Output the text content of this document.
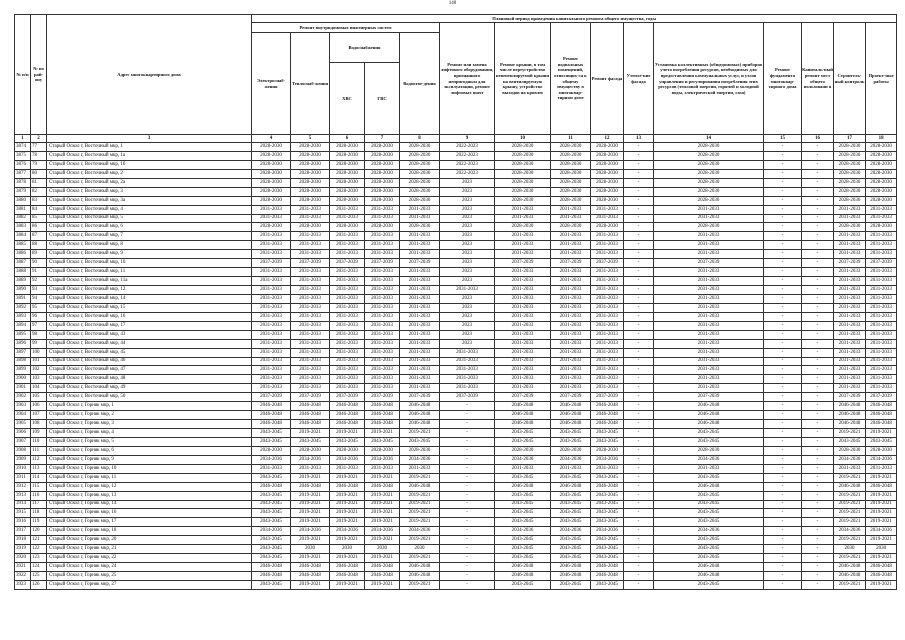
140
№ п/п	№ по рай-ону	Адрес многоквартирного дома	Плановый период проведения капитального ремонта общего имущества, годы														
			Ремонт внутридомовых инженерных систем					Ремонт или замена лифтового оборудования, признанного непригодным для эксплуатации, ремонт лифтовых шахт	Ремонт крыши, в том числе переустройство невентилируемой крыши на вентилируемую крышу, устройство выходов на кровлю	Ремонт подвальных помещений, относящих-ся к общему имуществу в многоквар-тирном доме	Ремонт фасада	Утепле-ние фасада	Установка коллективных (общедомовых) приборов учета потребления ресурсов, необходимых для предоставления коммунальных услуг, и узлов управления и регулирования потребления этих ресурсов (тепловой энергии, горячей и холодной воды, электрической энергии, газа)	Ремонт фундамента многоквар-тирного дома	Капиталь-ный ремонт мест общего пользовани я	Строитель-ный контроль	Проект-ные работы
			Электроснаб-жения	Теплоснаб-жения	Водоснабжения		Водоотве-дения										
					ХВС	ГВС											
1	2	3	4	5	6	7	8	9	10	11	12	13	14	15	16	17	18
3874	77	Старый Оскол г, Восточный мкр, 1	2028-2030	2028-2030	2028-2030	2028-2030	2028-2030	2022-2023	2028-2030	2028-2030	2028-2030	-	2028-2030	-	-	2028-2030	2028-2030
3875	78	Старый Оскол г, Восточный мкр, 1а	2028-2030	2028-2030	2028-2030	2028-2030	2028-2030	2022-2023	2028-2030	2028-2030	2028-2030	-	2028-2030	-	-	2028-2030	2028-2030
3876	79	Старый Оскол г, Восточный мкр, 1б	2028-2030	2028-2030	2028-2030	2028-2030	2028-2030	2022-2023	2028-2030	2028-2030	2028-2030	-	2028-2030	-	-	2028-2030	2028-2030
3877	80	Старый Оскол г, Восточный мкр, 2	2028-2030	2028-2030	2028-2030	2028-2030	2028-2030	2022-2023	2028-2030	2028-2030	2028-2030	-	2028-2030	-	-	2028-2030	2028-2030
3878	81	Старый Оскол г, Восточный мкр, 2а	2028-2030	2028-2030	2028-2030	2028-2030	2028-2030	2023	2028-2030	2028-2030	2028-2030	-	2028-2030	-	-	2028-2030	2028-2030
3879	82	Старый Оскол г, Восточный мкр, 3	2028-2030	2028-2030	2028-2030	2028-2030	2028-2030	2023	2028-2030	2028-2030	2028-2030	-	2028-2030	-	-	2028-2030	2028-2030
3880	83	Старый Оскол г, Восточный мкр, 3а	2028-2030	2028-2030	2028-2030	2028-2030	2028-2030	2023	2028-2030	2028-2030	2028-2030	-	2028-2030	-	-	2028-2030	2028-2030
3881	84	Старый Оскол г, Восточный мкр, 4	2031-2033	2031-2033	2031-2033	2031-2033	2031-2033	2023	2031-2033	2031-2033	2031-2033	-	2031-2033	-	-	2031-2033	2031-2033
3882	85	Старый Оскол г, Восточный мкр, 5	2031-2033	2031-2033	2031-2033	2031-2033	2031-2033	2023	2031-2033	2031-2033	2031-2033	-	2031-2033	-	-	2031-2033	2031-2033
3883	86	Старый Оскол г, Восточный мкр, 6	2028-2030	2028-2030	2028-2030	2028-2030	2028-2030	2023	2028-2030	2028-2030	2028-2030	-	2028-2030	-	-	2028-2030	2028-2030
3884	87	Старый Оскол г, Восточный мкр, 7	2031-2033	2031-2033	2031-2033	2031-2033	2031-2033	2023	2031-2033	2031-2033	2031-2033	-	2031-2033	-	-	2031-2033	2031-2033
3885	88	Старый Оскол г, Восточный мкр, 8	2031-2033	2031-2033	2031-2033	2031-2033	2031-2033	2023	2031-2033	2031-2033	2031-2033	-	2031-2033	-	-	2031-2033	2031-2033
3886	89	Старый Оскол г, Восточный мкр, 9	2031-2033	2031-2033	2031-2033	2031-2033	2031-2033	2023	2031-2033	2031-2033	2031-2033	-	2031-2033	-	-	2031-2033	2031-2033
3887	90	Старый Оскол г, Восточный мкр, 10	2037-2039	2037-2039	2037-2039	2037-2039	2037-2039	2023	2037-2039	2037-2039	2037-2039	-	2037-2039	-	-	2037-2039	2037-2039
3888	91	Старый Оскол г, Восточный мкр, 11	2031-2033	2031-2033	2031-2033	2031-2033	2031-2033	2023	2031-2033	2031-2033	2031-2033	-	2031-2033	-	-	2031-2033	2031-2033
3889	92	Старый Оскол г, Восточный мкр, 11а	2031-2033	2031-2033	2031-2033	2031-2033	2031-2033	2023	2031-2033	2031-2033	2031-2033	-	2031-2033	-	-	2031-2033	2031-2033
3890	93	Старый Оскол г, Восточный мкр, 12	2031-2033	2031-2033	2031-2033	2031-2033	2031-2033	2031-2033	2031-2033	2031-2033	2031-2033	-	2031-2033	-	-	2031-2033	2031-2033
3891	94	Старый Оскол г, Восточный мкр, 14	2031-2033	2031-2033	2031-2033	2031-2033	2031-2033	2023	2031-2033	2031-2033	2031-2033	-	2031-2033	-	-	2031-2033	2031-2033
3892	95	Старый Оскол г, Восточный мкр, 15	2031-2033	2031-2033	2031-2033	2031-2033	2031-2033	2023	2031-2033	2031-2033	2031-2033	-	2031-2033	-	-	2031-2033	2031-2033
3893	96	Старый Оскол г, Восточный мкр, 16	2031-2033	2031-2033	2031-2033	2031-2033	2031-2033	2023	2031-2033	2031-2033	2031-2033	-	2031-2033	-	-	2031-2033	2031-2033
3894	97	Старый Оскол г, Восточный мкр, 17	2031-2033	2031-2033	2031-2033	2031-2033	2031-2033	2023	2031-2033	2031-2033	2031-2033	-	2031-2033	-	-	2031-2033	2031-2033
3895	98	Старый Оскол г, Восточный мкр, 43	2031-2033	2031-2033	2031-2033	2031-2033	2031-2033	2023	2031-2033	2031-2033	2031-2033	-	2031-2033	-	-	2031-2033	2031-2033
3896	99	Старый Оскол г, Восточный мкр, 44	2031-2033	2031-2033	2031-2033	2031-2033	2031-2033	2023	2031-2033	2031-2033	2031-2033	-	2031-2033	-	-	2031-2033	2031-2033
3897	100	Старый Оскол г, Восточный мкр, 45	2031-2033	2031-2033	2031-2033	2031-2033	2031-2033	2031-2033	2031-2033	2031-2033	2031-2033	-	2031-2033	-	-	2031-2033	2031-2033
3898	101	Старый Оскол г, Восточный мкр, 46	2031-2033	2031-2033	2031-2033	2031-2033	2031-2033	2031-2033	2031-2033	2031-2033	2031-2033	-	2031-2033	-	-	2031-2033	2031-2033
3899	102	Старый Оскол г, Восточный мкр, 47	2031-2033	2031-2033	2031-2033	2031-2033	2031-2033	2031-2033	2031-2033	2031-2033	2031-2033	-	2031-2033	-	-	2031-2033	2031-2033
3900	103	Старый Оскол г, Восточный мкр, 48	2031-2033	2031-2033	2031-2033	2031-2033	2031-2033	2031-2033	2031-2033	2031-2033	2031-2033	-	2031-2033	-	-	2031-2033	2031-2033
3901	104	Старый Оскол г, Восточный мкр, 49	2031-2033	2031-2033	2031-2033	2031-2033	2031-2033	2031-2033	2031-2033	2031-2033	2031-2033	-	2031-2033	-	-	2031-2033	2031-2033
3902	105	Старый Оскол г, Восточный мкр, 50	2037-2039	2037-2039	2037-2039	2037-2039	2037-2039	2037-2039	2037-2039	2037-2039	2037-2039	-	2037-2039	-	-	2037-2039	2037-2039
3903	106	Старый Оскол г, Горняк мкр, 1	2046-2048	2046-2048	2046-2048	2046-2048	2046-2048	-	2046-2048	2046-2048	2046-2048	-	2046-2048	-	-	2046-2048	2046-2048
3904	107	Старый Оскол г, Горняк мкр, 2	2046-2048	2046-2048	2046-2048	2046-2048	2046-2048	-	2046-2048	2046-2048	2046-2048	-	2046-2048	-	-	2046-2048	2046-2048
3905	108	Старый Оскол г, Горняк мкр, 3	2046-2048	2046-2048	2046-2048	2046-2048	2046-2048	-	2046-2048	2046-2048	2046-2048	-	2046-2048	-	-	2046-2048	2046-2048
3906	109	Старый Оскол г, Горняк мкр, 4	2043-2045	2019-2021	2019-2021	2019-2021	2019-2021	-	2043-2045	2043-2045	2043-2045	-	2043-2045	-	-	2019-2021	2019-2021
3907	110	Старый Оскол г, Горняк мкр, 5	2043-2045	2043-2045	2043-2045	2043-2045	2043-2045	-	2043-2045	2043-2045	2043-2045	-	2043-2045	-	-	2043-2045	2043-2045
3908	111	Старый Оскол г, Горняк мкр, 6	2028-2030	2028-2030	2028-2030	2028-2030	2028-2030	-	2028-2030	2028-2030	2028-2030	-	2028-2030	-	-	2028-2030	2028-2030
3909	112	Старый Оскол г, Горняк мкр, 9	2034-2036	2034-2036	2034-2036	2034-2036	2034-2036	-	2034-2036	2034-2036	2034-2036	-	2034-2036	-	-	2034-2036	2034-2036
3910	113	Старый Оскол г, Горняк мкр, 10	2031-2033	2031-2033	2031-2033	2031-2033	2031-2033	-	2031-2033	2031-2033	2031-2033	-	2031-2033	-	-	2031-2033	2031-2033
3911	114	Старый Оскол г, Горняк мкр, 11	2043-2045	2019-2021	2019-2021	2019-2021	2019-2021	-	2043-2045	2043-2045	2043-2045	-	2043-2045	-	-	2019-2021	2019-2021
3912	115	Старый Оскол г, Горняк мкр, 12	2046-2048	2046-2048	2046-2048	2046-2048	2046-2048	-	2046-2048	2046-2048	2046-2048	-	2046-2048	-	-	2046-2048	2046-2048
3913	116	Старый Оскол г, Горняк мкр, 13	2043-2045	2019-2021	2019-2021	2019-2021	2019-2021	-	2043-2045	2043-2045	2043-2045	-	2043-2045	-	-	2019-2021	2019-2021
3914	117	Старый Оскол г, Горняк мкр, 14	2043-2045	2019-2021	2019-2021	2019-2021	2019-2021	-	2043-2045	2043-2045	2043-2045	-	2043-2045	-	-	2019-2021	2019-2021
3915	118	Старый Оскол г, Горняк мкр, 16	2043-2045	2019-2021	2019-2021	2019-2021	2019-2021	-	2043-2045	2043-2045	2043-2045	-	2043-2045	-	-	2019-2021	2019-2021
3916	119	Старый Оскол г, Горняк мкр, 17	2043-2045	2019-2021	2019-2021	2019-2021	2019-2021	-	2043-2045	2043-2045	2043-2045	-	2043-2045	-	-	2019-2021	2019-2021
3917	120	Старый Оскол г, Горняк мкр, 18	2034-2036	2034-2036	2034-2036	2034-2036	2034-2036	-	2034-2036	2034-2036	2034-2036	-	2034-2036	-	-	2034-2036	2034-2036
3918	121	Старый Оскол г, Горняк мкр, 20	2043-2045	2019-2021	2019-2021	2019-2021	2019-2021	-	2043-2045	2043-2045	2043-2045	-	2043-2045	-	-	2019-2021	2019-2021
3919	122	Старый Оскол г, Горняк мкр, 21	2043-2045	2030	2030	2030	2030	-	2043-2045	2043-2045	2043-2045	-	2043-2045	-	-	2030	2030
3920	123	Старый Оскол г, Горняк мкр, 22	2043-2045	2019-2021	2019-2021	2019-2021	2019-2021	-	2043-2045	2043-2045	2043-2045	-	2043-2045	-	-	2019-2021	2019-2021
3921	124	Старый Оскол г, Горняк мкр, 24	2046-2048	2046-2048	2046-2048	2046-2048	2046-2048	-	2046-2048	2046-2048	2046-2048	-	2046-2048	-	-	2046-2048	2046-2048
3922	125	Старый Оскол г, Горняк мкр, 25	2046-2048	2046-2048	2046-2048	2046-2048	2046-2048	-	2046-2048	2046-2048	2046-2048	-	2046-2048	-	-	2046-2048	2046-2048
3923	126	Старый Оскол г, Горняк мкр, 27	2043-2045	2019-2021	2019-2021	2019-2021	2019-2021	-	2043-2045	2043-2045	2043-2045	-	2043-2045	-	-	2019-2021	2019-2021
